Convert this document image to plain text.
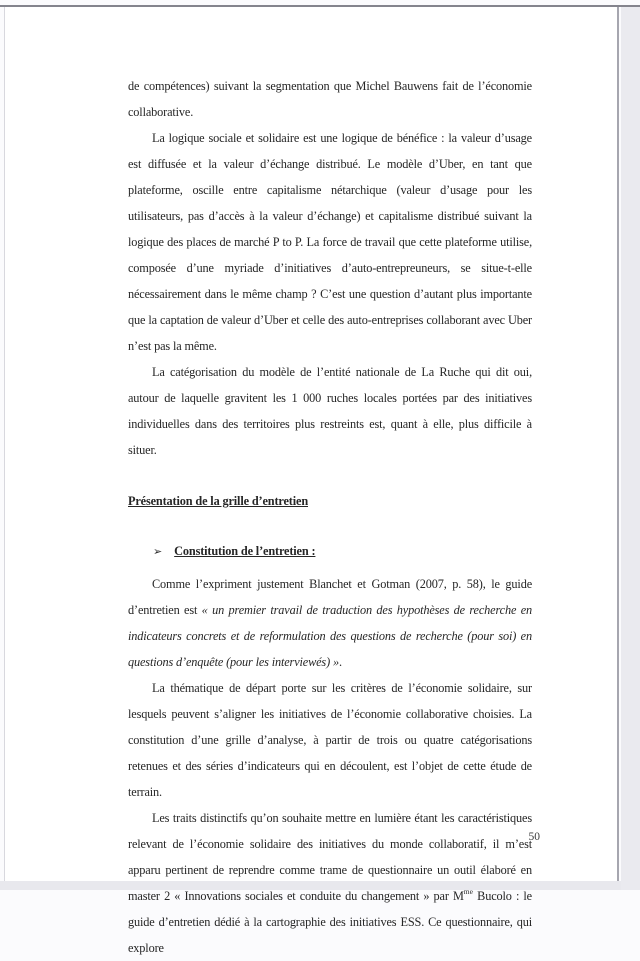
de compétences) suivant la segmentation que Michel Bauwens fait de l’économie collaborative.

La logique sociale et solidaire est une logique de bénéfice : la valeur d’usage est diffusée et la valeur d’échange distribué. Le modèle d’Uber, en tant que plateforme, oscille entre capitalisme nétarchique (valeur d’usage pour les utilisateurs, pas d’accès à la valeur d’échange) et capitalisme distribué suivant la logique des places de marché P to P. La force de travail que cette plateforme utilise, composée d’une myriade d’initiatives d’auto-entrepreuneurs, se situe-t-elle nécessairement dans le même champ ? C’est une question d’autant plus importante que la captation de valeur d’Uber et celle des auto-entreprises collaborant avec Uber n’est pas la même.

La catégorisation du modèle de l’entité nationale de La Ruche qui dit oui, autour de laquelle gravitent les 1 000 ruches locales portées par des initiatives individuelles dans des territoires plus restreints est, quant à elle, plus difficile à situer.

Présentation de la grille d’entretien
➢ Constitution de l’entretien :

Comme l’expriment justement Blanchet et Gotman (2007, p. 58), le guide d’entretien est « un premier travail de traduction des hypothèses de recherche en indicateurs concrets et de reformulation des questions de recherche (pour soi) en questions d’enquête (pour les interviewés) ».

La thématique de départ porte sur les critères de l’économie solidaire, sur lesquels peuvent s’aligner les initiatives de l’économie collaborative choisies. La constitution d’une grille d’analyse, à partir de trois ou quatre catégorisations retenues et des séries d’indicateurs qui en découlent, est l’objet de cette étude de terrain.

Les traits distinctifs qu’on souhaite mettre en lumière étant les caractéristiques relevant de l’économie solidaire des initiatives du monde collaboratif, il m’est apparu pertinent de reprendre comme trame de questionnaire un outil élaboré en master 2 « Innovations sociales et conduite du changement » par $M^{me}$ Bucolo : le guide d’entretien dédié à la cartographie des initiatives ESS. Ce questionnaire, qui explore

50
